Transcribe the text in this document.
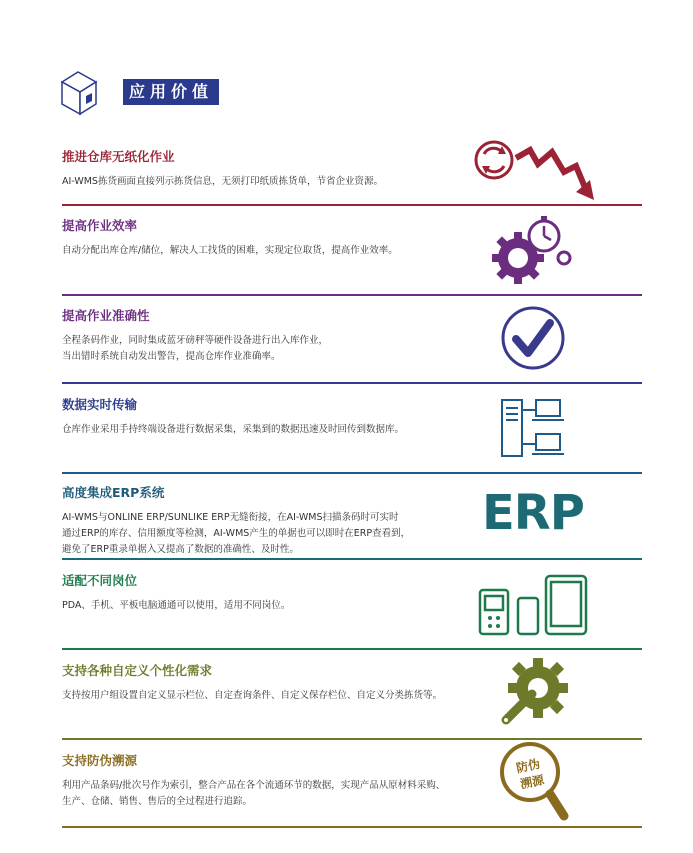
应用价值
推进仓库无纸化作业

AI-WMS拣货画面直接列示拣货信息，无须打印纸质拣货单，节省企业资源。

提高作业效率

自动分配出库仓库/储位，解决人工找货的困难，实现定位取货，提高作业效率。

提高作业准确性

全程条码作业，同时集成蓝牙磅秤等硬件设备进行出入库作业，

当出错时系统自动发出警告，提高仓库作业准确率。

数据实时传输

仓库作业采用手持终端设备进行数据采集，采集到的数据迅速及时回传到数据库。

高度集成ERP系统

AI-WMS与ONLINE ERP/SUNLIKE ERP无缝衔接，在AI-WMS扫描条码时可实时

通过ERP的库存、信用额度等检测，AI-WMS产生的单据也可以即时在ERP查看到，

避免了ERP重录单据入又提高了数据的准确性、及时性。

ERP
适配不同岗位

PDA、手机、平板电脑通通可以使用，适用不同岗位。

支持各种自定义个性化需求

支持按用户组设置自定义显示栏位、自定查询条件、自定义保存栏位、自定义分类拣货等。

支持防伪溯源

利用产品条码/批次号作为索引，整合产品在各个流通环节的数据，实现产品从原材料采购、

生产、仓储、销售、售后的全过程进行追踪。

防伪
溯源
